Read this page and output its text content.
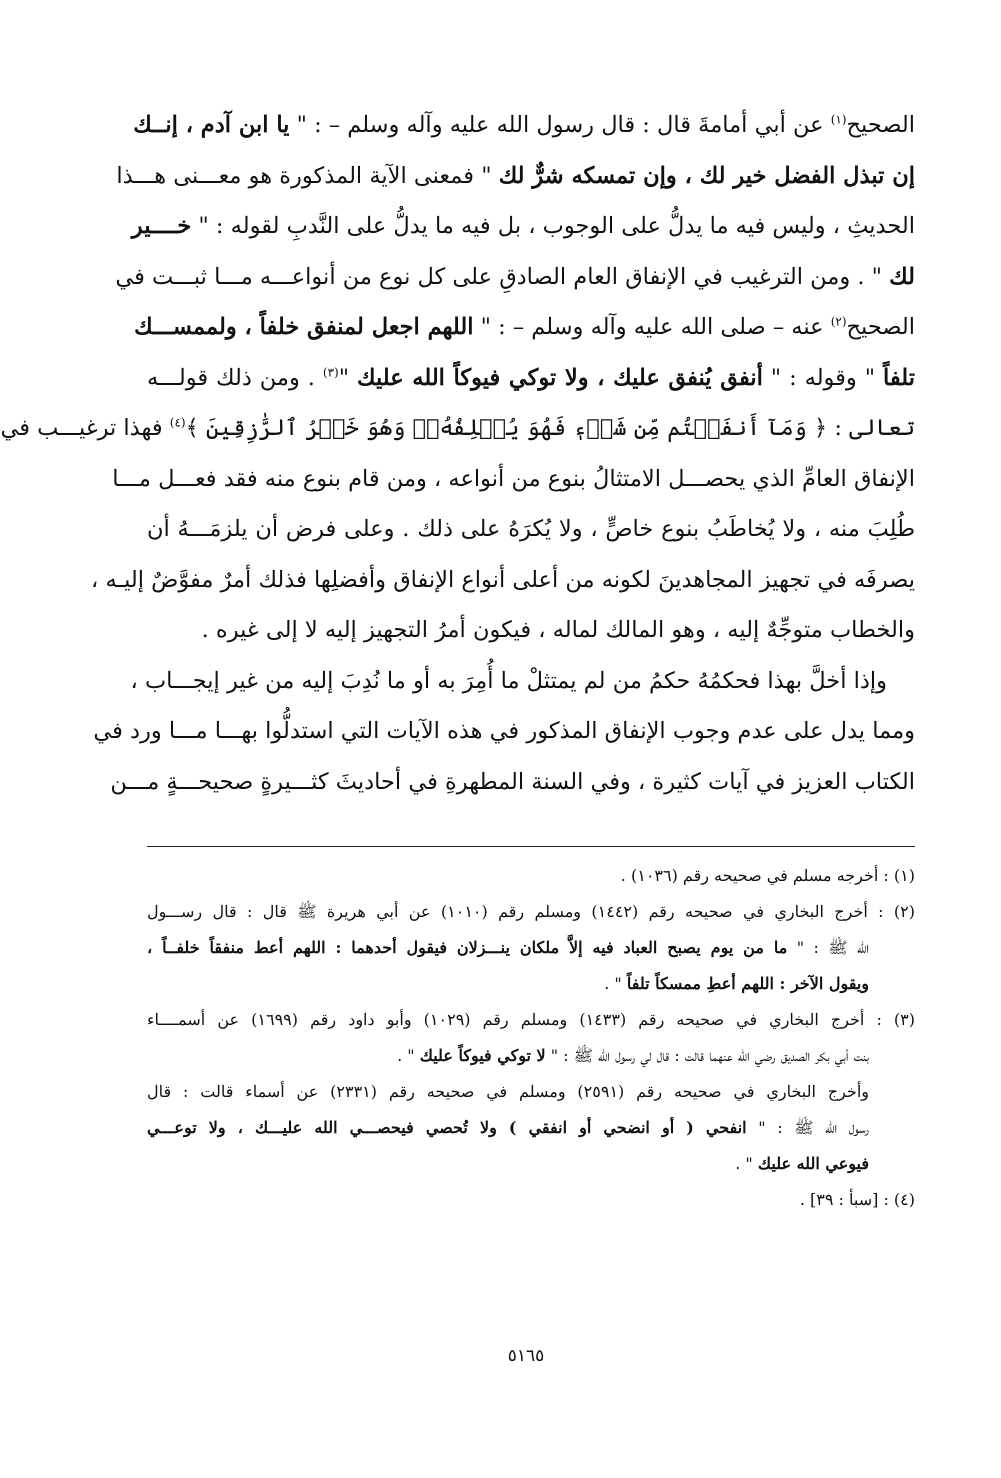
الصحيح$^{(١)}$ عن أبي أمامةَ قال : قال رسول الله عليه وآله وسلم – : " يا ابن آدم ، إنــك
إن تبذل الفضل خير لك ، وإن تمسكه شرٌّ لك " فمعنى الآية المذكورة هو معـــنى هـــذا
الحديثِ ، وليس فيه ما يدلُّ على الوجوب ، بل فيه ما يدلُّ على النَّدبِ لقوله : " خــــير
لك " . ومن الترغيب في الإنفاق العام الصادقِ على كل نوع من أنواعـــه مـــا ثبـــت في
الصحيح$^{(٢)}$ عنه – صلى الله عليه وآله وسلم – : " اللهم اجعل لمنفق خلفاً ، ولممســـك
تلفاً " وقوله : " أنفق يُنفق عليك ، ولا توكي فيوكاً الله عليك "$^{(٣)}$ . ومن ذلك قولـــه
تعالى : ﴿ وَمَآ أَنفَقۡتُم مِّن شَيۡءٖ فَهُوَ يُخۡلِفُهُۥۖ وَهُوَ خَيۡرُ ٱلرَّٰزِقِينَ ﴾$^{(٤)}$ فهذا ترغيـــب في
الإنفاق العامِّ الذي يحصـــل الامتثالُ بنوع من أنواعه ، ومن قام بنوع منه فقد فعـــل مـــا
طُلِبَ منه ، ولا يُخاطَبُ بنوع خاصٍّ ، ولا يُكرَهُ على ذلك . وعلى فرض أن يلزمَـــهُ أن
يصرفَه في تجهيز المجاهدينَ لكونه من أعلى أنواع الإنفاق وأفضلِها فذلك أمرٌ مفوَّضٌ إليـه ،
والخطاب متوجِّهٌ إليه ، وهو المالك لماله ، فيكون أمرُ التجهيز إليه لا إلى غيره .
وإذا أخلَّ بهذا فحكمُهُ حكمُ من لم يمتثلْ ما أُمِرَ به أو ما نُدِبَ إليه من غير إيجـــاب ،
ومما يدل على عدم وجوب الإنفاق المذكور في هذه الآيات التي استدلُّوا بهـــا مـــا ورد في
الكتاب العزيز في آيات كثيرة ، وفي السنة المطهرةِ في أحاديثَ كثـــيرةٍ صحيحـــةٍ مـــن
(١) : أخرجه مسلم في صحيحه رقم (١٠٣٦) .
(٢) : أخرج البخاري في صحيحه رقم (١٤٤٢) ومسلم رقم (١٠١٠) عن أبي هريرة ﷺ قال : قال رســـول
الله ﷺ : " ما من يوم يصبح العباد فيه إلاَّ ملكان ينـــزلان فيقول أحدهما : اللهم أعط منفقاً خلفــاً ،
ويقول الآخر : اللهم أعطِ ممسكاً تلفاً " .
(٣) : أخرج البخاري في صحيحه رقم (١٤٣٣) ومسلم رقم (١٠٢٩) وأبو داود رقم (١٦٩٩) عن أسمــــاء
بنت أبي بكر الصديق رضي الله عنهما قالت : قال لي رسول الله ﷺ : " لا توكي فيوكاً عليك " .
وأخرج البخاري في صحيحه رقم (٢٥٩١) ومسلم في صحيحه رقم (٢٣٣١) عن أسماء قالت : قال
رسول الله ﷺ : " انفحي ( أو انضحي أو انفقي ) ولا تُحصي فيحصـــي الله عليـــك ، ولا توعـــي
فيوعي الله عليك " .
(٤) : [سبأ : ٣٩] .
٥١٦٥
